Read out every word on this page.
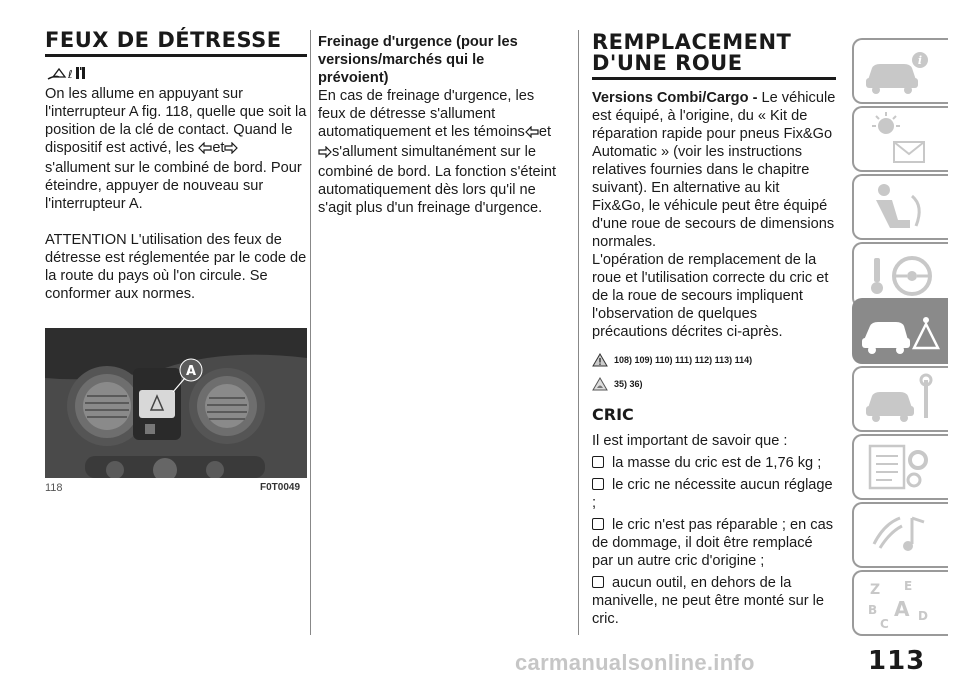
FEUX DE DÉTRESSE
ℓ

On les allume en appuyant sur l'interrupteur A fig. 118, quelle que soit la position de la clé de contact. Quand le dispositif est activé, les et s'allument sur le combiné de bord. Pour éteindre, appuyer de nouveau sur l'interrupteur A.

ATTENTION L'utilisation des feux de détresse est réglementée par le code de la route du pays où l'on circule. Se conformer aux normes.

A
118	F0T0049

Freinage d'urgence (pour les versions/marchés qui le prévoient)

En cas de freinage d'urgence, les feux de détresse s'allument automatiquement et les témoins et s'allument simultanément sur le combiné de bord. La fonction s'éteint automatiquement dès lors qu'il ne s'agit plus d'un freinage d'urgence.

REMPLACEMENT
D'UNE ROUE

Versions Combi/Cargo - Le véhicule est équipé, à l'origine, du « Kit de réparation rapide pour pneus Fix&Go Automatic » (voir les instructions relatives fournies dans le chapitre suivant). En alternative au kit Fix&Go, le véhicule peut être équipé d'une roue de secours de dimensions normales.

L'opération de remplacement de la roue et l'utilisation correcte du cric et de la roue de secours impliquent l'observation de quelques précautions décrites ci-après.

108) 109) 110) 111) 112) 113) 114)
35) 36)
CRIC

Il est important de savoir que :

la masse du cric est de 1,76 kg ;

le cric ne nécessite aucun réglage ;

le cric n'est pas réparable ; en cas de dommage, il doit être remplacé par un autre cric d'origine ;

aucun outil, en dehors de la manivelle, ne peut être monté sur le cric.

i
Z E
B A
C
D
113
carmanualsonline.info
